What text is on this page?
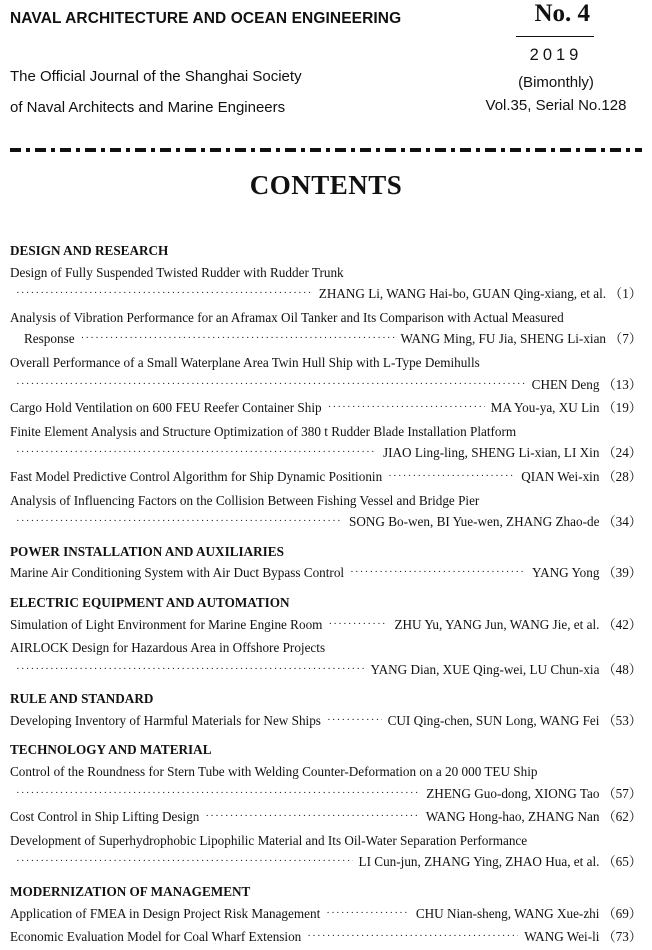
NAVAL ARCHITECTURE AND OCEAN ENGINEERING
The Official Journal of the Shanghai Society
of Naval Architects and Marine Engineers
No. 4
2019
(Bimonthly)
Vol.35, Serial No.128
CONTENTS
DESIGN AND RESEARCH
Design of Fully Suspended Twisted Rudder with Rudder Trunk
·····
ZHANG Li, WANG Hai-bo, GUAN Qing-xiang, et al. （1）
Analysis of Vibration Performance for an Aframax Oil Tanker and Its Comparison with Actual Measured
Response ·····	WANG Ming, FU Jia, SHENG Li-xian （7）
Overall Performance of a Small Waterplane Area Twin Hull Ship with L-Type Demihulls
·····
CHEN Deng （13）
Cargo Hold Ventilation on 600 FEU Reefer Container Ship ·····	MA You-ya, XU Lin （19）
Finite Element Analysis and Structure Optimization of 380 t Rudder Blade Installation Platform
·····
JIAO Ling-ling, SHENG Li-xian, LI Xin （24）
Fast Model Predictive Control Algorithm for Ship Dynamic Positionin ·····	QIAN Wei-xin （28）
Analysis of Influencing Factors on the Collision Between Fishing Vessel and Bridge Pier
·····
SONG Bo-wen, BI Yue-wen, ZHANG Zhao-de （34）
POWER INSTALLATION AND AUXILIARIES
Marine Air Conditioning System with Air Duct Bypass Control ·····	YANG Yong （39）
ELECTRIC EQUIPMENT AND AUTOMATION
Simulation of Light Environment for Marine Engine Room ·····	ZHU Yu, YANG Jun, WANG Jie, et al. （42）
AIRLOCK Design for Hazardous Area in Offshore Projects
·····
YANG Dian, XUE Qing-wei, LU Chun-xia （48）
RULE AND STANDARD
Developing Inventory of Harmful Materials for New Ships ·····	CUI Qing-chen, SUN Long, WANG Fei （53）
TECHNOLOGY AND MATERIAL
Control of the Roundness for Stern Tube with Welding Counter-Deformation on a 20 000 TEU Ship
·····
ZHENG Guo-dong, XIONG Tao （57）
Cost Control in Ship Lifting Design ·····	WANG Hong-hao, ZHANG Nan （62）
Development of Superhydrophobic Lipophilic Material and Its Oil-Water Separation Performance
·····
LI Cun-jun, ZHANG Ying, ZHAO Hua, et al. （65）
MODERNIZATION OF MANAGEMENT
Application of FMEA in Design Project Risk Management ·····	CHU Nian-sheng, WANG Xue-zhi （69）
Economic Evaluation Model for Coal Wharf Extension ·····	WANG Wei-li （73）
